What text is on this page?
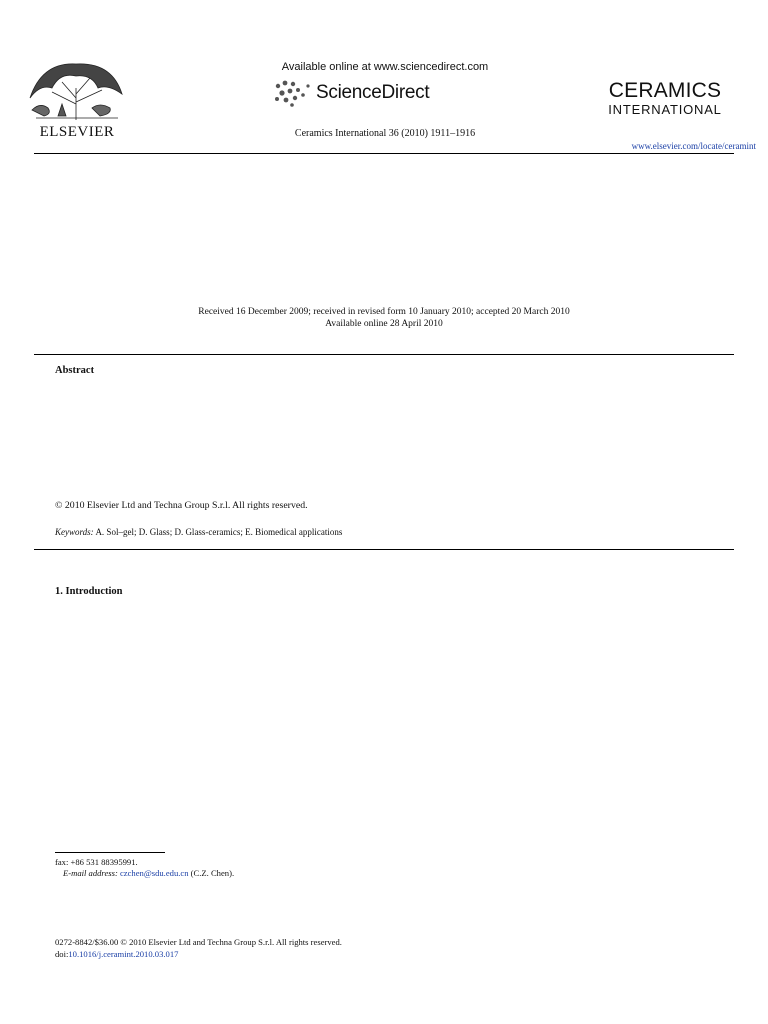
ELSEVIER
Available online at www.sciencedirect.com
ScienceDirect
Ceramics International 36 (2010) 1911–1916
CERAMICS
INTERNATIONAL
www.elsevier.com/locate/ceramint
Received 16 December 2009; received in revised form 10 January 2010; accepted 20 March 2010
Available online 28 April 2010
Abstract
© 2010 Elsevier Ltd and Techna Group S.r.l. All rights reserved.
Keywords: A. Sol–gel; D. Glass; D. Glass-ceramics; E. Biomedical applications
1. Introduction

fax: +86 531 88395991.
E-mail address: czchen@sdu.edu.cn (C.Z. Chen).
0272-8842/$36.00 © 2010 Elsevier Ltd and Techna Group S.r.l. All rights reserved.
doi:10.1016/j.ceramint.2010.03.017
